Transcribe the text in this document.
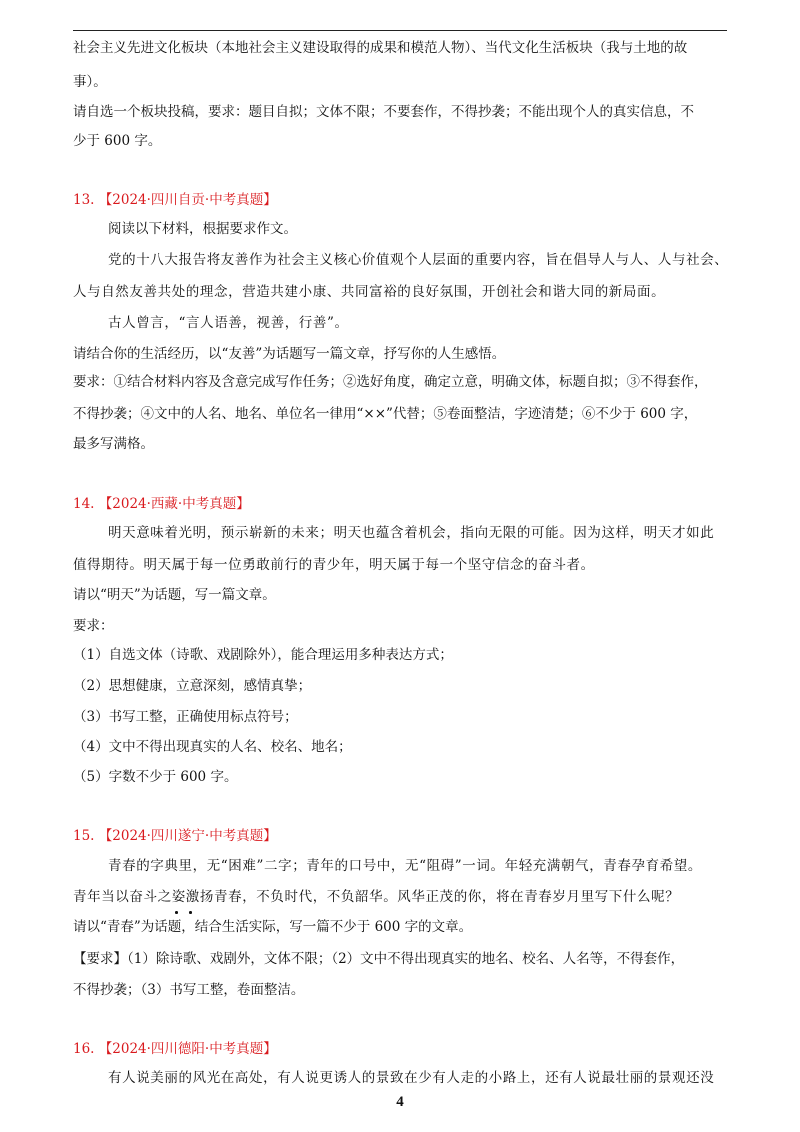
社会主义先进文化板块（本地社会主义建设取得的成果和模范人物）、当代文化生活板块（我与土地的故
事）。
请自选一个板块投稿，要求：题目自拟；文体不限；不要套作，不得抄袭；不能出现个人的真实信息，不
少于 600 字。
13. 【2024·四川自贡·中考真题】
阅读以下材料，根据要求作文。
党的十八大报告将友善作为社会主义核心价值观个人层面的重要内容，旨在倡导人与人、人与社会、
人与自然友善共处的理念，营造共建小康、共同富裕的良好氛围，开创社会和谐大同的新局面。
古人曾言，“言人语善，视善，行善”。
请结合你的生活经历，以“友善”为话题写一篇文章，抒写你的人生感悟。
要求：①结合材料内容及含意完成写作任务；②选好角度，确定立意，明确文体，标题自拟；③不得套作，
不得抄袭；④文中的人名、地名、单位名一律用“××”代替；⑤卷面整洁，字迹清楚；⑥不少于 600 字，
最多写满格。
14. 【2024·西藏·中考真题】
明天意味着光明，预示崭新的未来；明天也蕴含着机会，指向无限的可能。因为这样，明天才如此
值得期待。明天属于每一位勇敢前行的青少年，明天属于每一个坚守信念的奋斗者。
请以“明天”为话题，写一篇文章。
要求：
（1）自选文体（诗歌、戏剧除外），能合理运用多种表达方式；
（2）思想健康，立意深刻，感情真挚；
（3）书写工整，正确使用标点符号；
（4）文中不得出现真实的人名、校名、地名；
（5）字数不少于 600 字。
15. 【2024·四川遂宁·中考真题】
青春的字典里，无“困难”二字；青年的口号中，无“阻碍”一词。年轻充满朝气，青春孕育希望。
青年当以奋斗之姿激扬青春，不负时代，不负韶华。风华正茂的你，将在青春岁月里写下什么呢？
请以“青春”为话题，结合生活实际，写一篇不少于 600 字的文章。
【要求】（1）除诗歌、戏剧外，文体不限；（2）文中不得出现真实的地名、校名、人名等，不得套作，
不得抄袭；（3）书写工整，卷面整洁。
16. 【2024·四川德阳·中考真题】
有人说美丽的风光在高处，有人说更诱人的景致在少有人走的小路上，还有人说最壮丽的景观还没
4
